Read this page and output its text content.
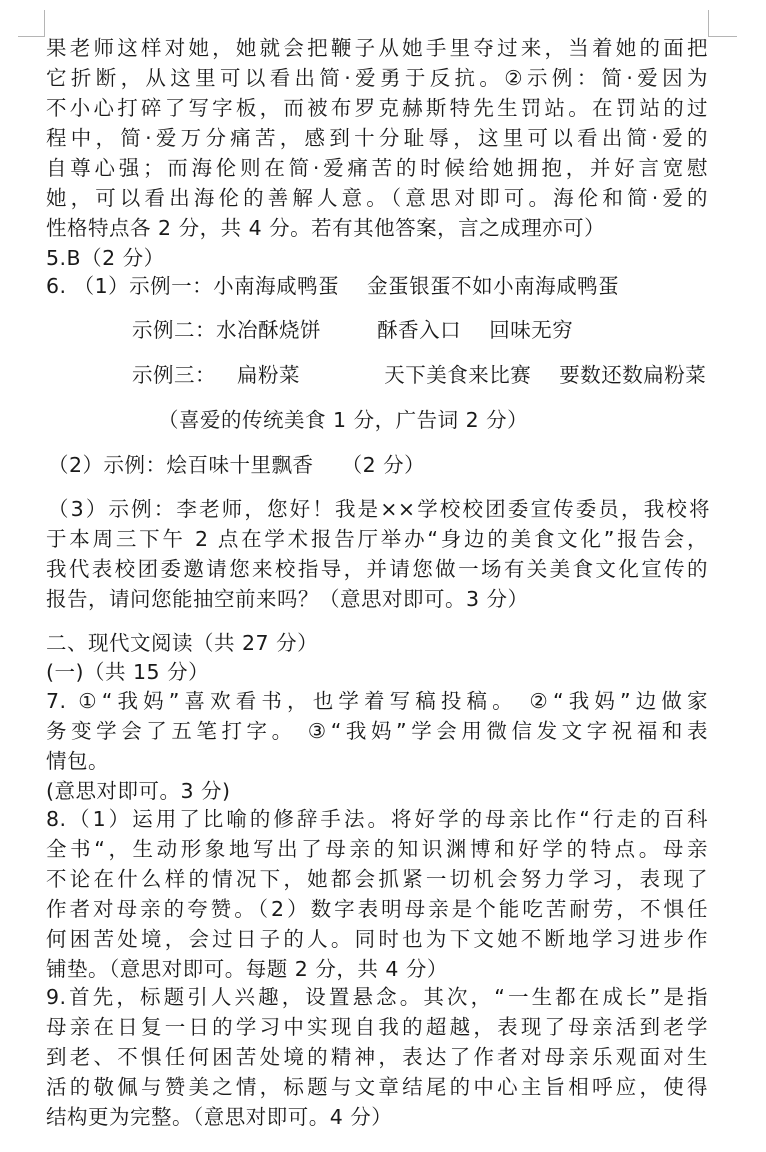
果老师这样对她，她就会把鞭子从她手里夺过来，当着她的面把
它折断，从这里可以看出简·爱勇于反抗。②示例：简·爱因为
不小心打碎了写字板，而被布罗克赫斯特先生罚站。在罚站的过
程中，简·爱万分痛苦，感到十分耻辱，这里可以看出简·爱的
自尊心强；而海伦则在简·爱痛苦的时候给她拥抱，并好言宽慰
她，可以看出海伦的善解人意。（意思对即可。海伦和简·爱的
性格特点各 2 分，共 4 分。若有其他答案，言之成理亦可）
5.B（2 分）
6. （1）示例一：小南海咸鸭蛋    金蛋银蛋不如小南海咸鸭蛋
示例二：水冶酥烧饼        酥香入口    回味无穷
示例三：   扁粉菜            天下美食来比赛    要数还数扁粉菜
（喜爱的传统美食 1 分，广告词 2 分）
（2）示例：烩百味十里飘香    （2 分）
（3）示例：李老师，您好！我是××学校校团委宣传委员，我校将
于本周三下午 2 点在学术报告厅举办“身边的美食文化”报告会，
我代表校团委邀请您来校指导，并请您做一场有关美食文化宣传的
报告，请问您能抽空前来吗？（意思对即可。3 分）
二、现代文阅读（共 27 分）
(一)（共 15 分）
7. ①“我妈”喜欢看书，也学着写稿投稿。 ②“我妈”边做家
务变学会了五笔打字。 ③“我妈”学会用微信发文字祝福和表
情包。
(意思对即可。3 分)
8.（1）运用了比喻的修辞手法。将好学的母亲比作“行走的百科
全书“，生动形象地写出了母亲的知识渊博和好学的特点。母亲
不论在什么样的情况下，她都会抓紧一切机会努力学习，表现了
作者对母亲的夸赞。（2）数字表明母亲是个能吃苦耐劳，不惧任
何困苦处境，会过日子的人。同时也为下文她不断地学习进步作
铺垫。（意思对即可。每题 2 分，共 4 分）
9.首先，标题引人兴趣，设置悬念。其次，“一生都在成长”是指
母亲在日复一日的学习中实现自我的超越，表现了母亲活到老学
到老、不惧任何困苦处境的精神，表达了作者对母亲乐观面对生
活的敬佩与赞美之情，标题与文章结尾的中心主旨相呼应，使得
结构更为完整。（意思对即可。4 分）
